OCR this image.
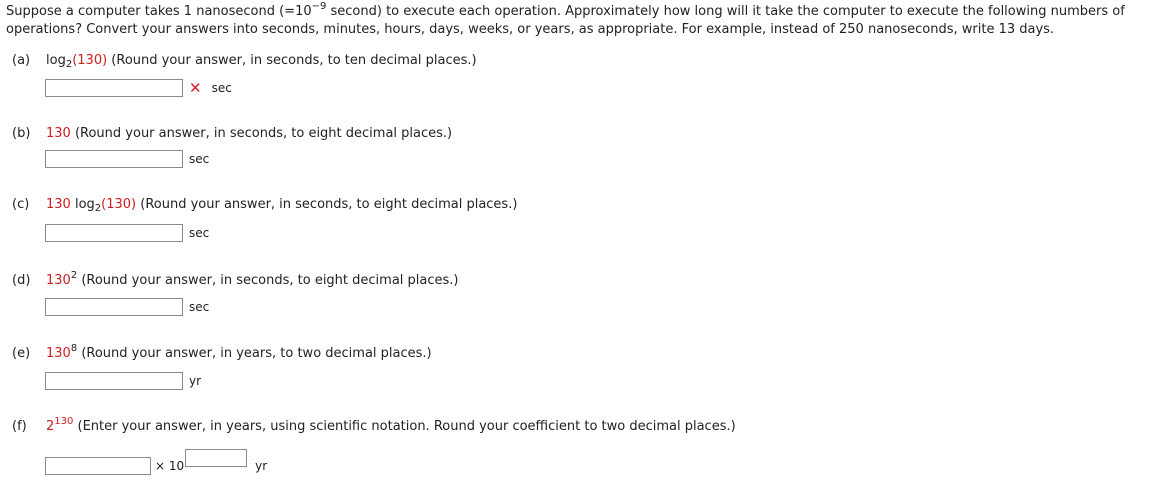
Suppose a computer takes 1 nanosecond ($=10^{-9}$ second) to execute each operation. Approximately how long will it take the computer to execute the following numbers of operations? Convert your answers into seconds, minutes, hours, days, weeks, or years, as appropriate. For example, instead of 250 nanoseconds, write 13 days.
(a) $\log_2(130)$ (Round your answer, in seconds, to ten decimal places.)
✕ sec
(b) 130 (Round your answer, in seconds, to eight decimal places.)
sec
(c) 130 $\log_2(130)$ (Round your answer, in seconds, to eight decimal places.)
sec
(d) $130^2$ (Round your answer, in seconds, to eight decimal places.)
sec
(e) $130^8$ (Round your answer, in years, to two decimal places.)
yr
(f) $2^{130}$ (Enter your answer, in years, using scientific notation. Round your coefficient to two decimal places.)
× 10	yr
